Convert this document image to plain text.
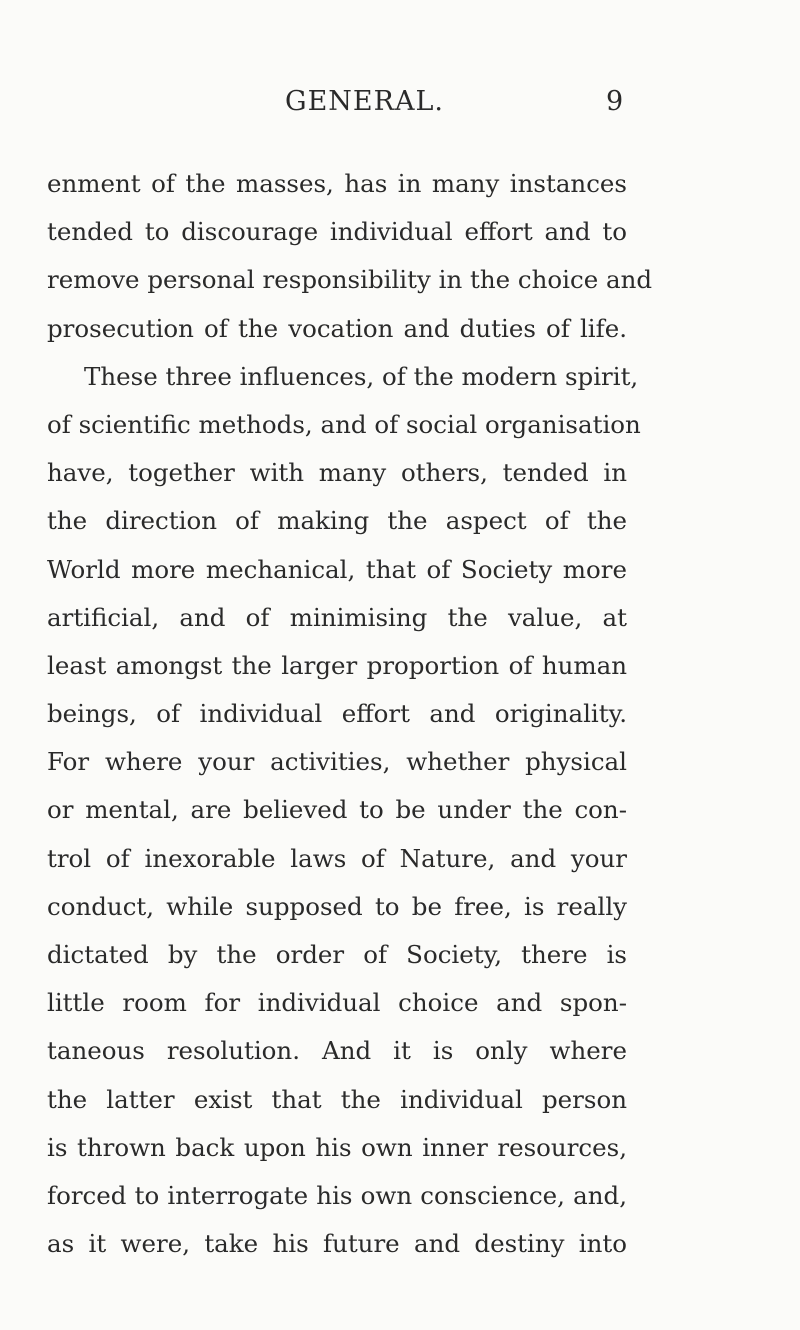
GENERAL.	9
enment of the masses, has in many instances
tended to discourage individual effort and to
remove personal responsibility in the choice and
prosecution of the vocation and duties of life.
These three influences, of the modern spirit,
of scientific methods, and of social organisation
have, together with many others, tended in
the direction of making the aspect of the
World more mechanical, that of Society more
artificial, and of minimising the value, at
least amongst the larger proportion of human
beings, of individual effort and originality.
For where your activities, whether physical
or mental, are believed to be under the con-
trol of inexorable laws of Nature, and your
conduct, while supposed to be free, is really
dictated by the order of Society, there is
little room for individual choice and spon-
taneous resolution. And it is only where
the latter exist that the individual person
is thrown back upon his own inner resources,
forced to interrogate his own conscience, and,
as it were, take his future and destiny into
